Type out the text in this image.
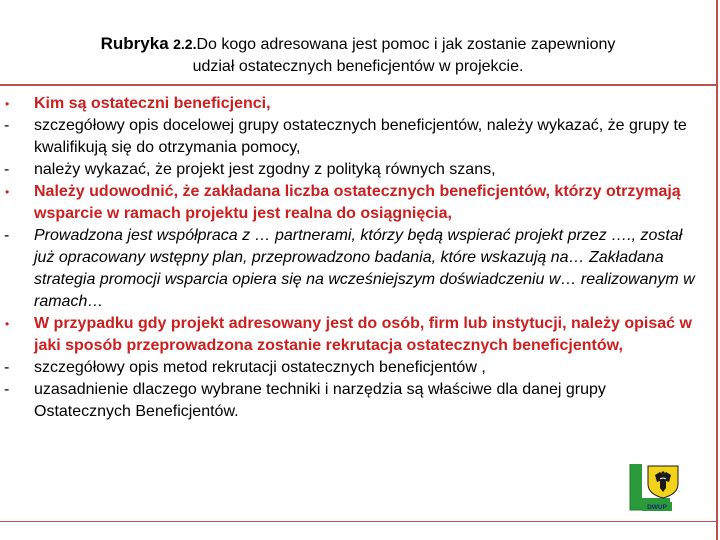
Rubryka 2.2.Do kogo adresowana jest pomoc i jak zostanie zapewniony
udział ostatecznych beneficjentów w projekcie.
•	Kim są ostateczni beneficjenci,
-	szczegółowy opis docelowej grupy ostatecznych beneficjentów, należy wykazać, że grupy te kwalifikują się do otrzymania pomocy,
-	należy wykazać, że projekt jest zgodny z polityką równych szans,
•	Należy udowodnić, że zakładana liczba ostatecznych beneficjentów, którzy otrzymają wsparcie w ramach projektu jest realna do osiągnięcia,
-	Prowadzona jest współpraca z … partnerami, którzy będą wspierać projekt przez …., został już opracowany wstępny plan, przeprowadzono badania, które wskazują na… Zakładana strategia promocji wsparcia opiera się na wcześniejszym doświadczeniu w… realizowanym w ramach…
•	W przypadku gdy projekt adresowany jest do osób, firm lub instytucji, należy opisać w jaki sposób przeprowadzona zostanie rekrutacja ostatecznych beneficjentów,
-	szczegółowy opis metod rekrutacji ostatecznych beneficjentów ,
-	uzasadnienie dlaczego wybrane techniki i narzędzia są właściwe dla danej grupy Ostatecznych Beneficjentów.
DWUP
